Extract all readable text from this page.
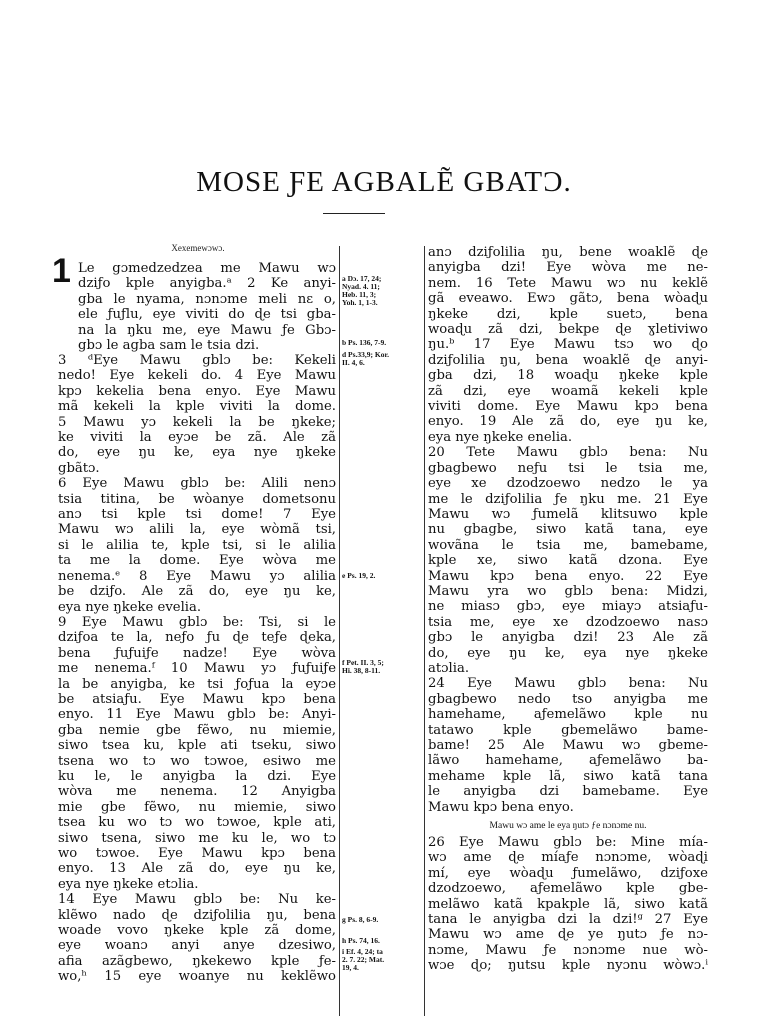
MOSE ƑE AGBALẼ GBATƆ.
Xexemewɔwɔ.
1 Le gɔmedzedzea me Mawu wɔ
dziƒo kple anyigba.ᵃ 2 Ke anyi-
gba le nyama, nɔnɔme meli nɛ o,
ele ƒuƒlu, eye viviti do ɖe tsi gba-
na la ŋku me, eye Mawu ƒe Gbɔ-
gbɔ le agba sam le tsia dzi.
3 ᵈEye Mawu gblɔ be: Kekeli
nedo! Eye kekeli do. 4 Eye Mawu
kpɔ kekelia bena enyo. Eye Mawu
mã kekeli la kple viviti la dome.
5 Mawu yɔ kekeli la be ŋkeke;
ke viviti la eyɔe be zã. Ale zã
do, eye ŋu ke, eya nye ŋkeke
gbãtɔ.
6 Eye Mawu gblɔ be: Alili nenɔ
tsia titina, be wòanye dometsonu
anɔ tsi kple tsi dome! 7 Eye
Mawu wɔ alili la, eye wòmã tsi,
si le alilia te, kple tsi, si le alilia
ta me la dome. Eye wòva me
nenema.ᵉ 8 Eye Mawu yɔ alilia
be dziƒo. Ale zã do, eye ŋu ke,
eya nye ŋkeke evelia.
9 Eye Mawu gblɔ be: Tsi, si le
dziƒoa te la, neƒo ƒu ɖe teƒe ɖeka,
bena ƒuƒuiƒe nadze! Eye wòva
me nenema.ᶠ 10 Mawu yɔ ƒuƒuiƒe
la be anyigba, ke tsi ƒoƒua la eyɔe
be atsiaƒu. Eye Mawu kpɔ bena
enyo. 11 Eye Mawu gblɔ be: Anyi-
gba nemie gbe fẽwo, nu miemie,
siwo tsea ku, kple ati tseku, siwo
tsena wo tɔ wo tɔwoe, esiwo me
ku le, le anyigba la dzi. Eye
wòva me nenema. 12 Anyigba
mie gbe fẽwo, nu miemie, siwo
tsea ku wo tɔ wo tɔwoe, kple ati,
siwo tsena, siwo me ku le, wo tɔ
wo tɔwoe. Eye Mawu kpɔ bena
enyo. 13 Ale zã do, eye ŋu ke,
eya nye ŋkeke etɔlia.
14 Eye Mawu gblɔ be: Nu ke-
klẽwo nado ɖe dziƒolilia ŋu, bena
woade vovo ŋkeke kple zã dome,
eye woanɔ anyi anye dzesiwo,
afia azãgbewo, ŋkekewo kple ƒe-
wo,ʰ 15 eye woanye nu keklẽwo
a Dɔ. 17, 24;
Nyad. 4. 11;
Heb. 11, 3;
Yoh. 1, 1-3.
b Ps. 136, 7-9.
d Ps.33,9; Kor.
II. 4, 6.
e Ps. 19, 2.
f Pet. II. 3, 5;
Hi. 38, 8-11.
g Ps. 8, 6-9.
h Ps. 74, 16.
i Ef. 4, 24; ta
2. 7. 22; Mat.
19, 4.
anɔ dziƒolilia ŋu, bene woaklẽ ɖe
anyigba dzi! Eye wòva me ne-
nem. 16 Tete Mawu wɔ nu keklẽ
gã eveawo. Ewɔ gãtɔ, bena wòaɖu
ŋkeke dzi, kple suetɔ, bena
woaɖu zã dzi, bekpe ɖe ɣletiviwo
ŋu.ᵇ 17 Eye Mawu tsɔ wo ɖo
dziƒolilia ŋu, bena woaklẽ ɖe anyi-
gba dzi, 18 woaɖu ŋkeke kple
zã dzi, eye woamã kekeli kple
viviti dome. Eye Mawu kpɔ bena
enyo. 19 Ale zã do, eye ŋu ke,
eya nye ŋkeke enelia.
20 Tete Mawu gblɔ bena: Nu
gbagbewo neƒu tsi le tsia me,
eye xe dzodzoewo nedzo le ya
me le dziƒolilia ƒe ŋku me. 21 Eye
Mawu wɔ ƒumelã klitsuwo kple
nu gbagbe, siwo katã tana, eye
wovãna le tsia me, bamebame,
kple xe, siwo katã dzona. Eye
Mawu kpɔ bena enyo. 22 Eye
Mawu yra wo gblɔ bena: Midzi,
ne miasɔ gbɔ, eye miayɔ atsiaƒu-
tsia me, eye xe dzodzoewo nasɔ
gbɔ le anyigba dzi! 23 Ale zã
do, eye ŋu ke, eya nye ŋkeke
atɔlia.
24 Eye Mawu gblɔ bena: Nu
gbagbewo nedo tso anyigba me
hamehame, aƒemelãwo kple nu
tatawo kple gbemelãwo bame-
bame! 25 Ale Mawu wɔ gbeme-
lãwo hamehame, aƒemelãwo ba-
mehame kple lã, siwo katã tana
le anyigba dzi bamebame. Eye
Mawu kpɔ bena enyo.
Mawu wɔ ame le eya ŋutɔ ƒe nɔnɔme nu.
26 Eye Mawu gblɔ be: Mine mía-
wɔ ame ɖe míaƒe nɔnɔme, wòaɖi
mí, eye wòaɖu ƒumelãwo, dziƒoxe
dzodzoewo, aƒemelãwo kple gbe-
melãwo katã kpakple lã, siwo katã
tana le anyigba dzi la dzi!ᵍ 27 Eye
Mawu wɔ ame ɖe ye ŋutɔ ƒe nɔ-
nɔme, Mawu ƒe nɔnɔme nue wò-
wɔe ɖo; ŋutsu kple nyɔnu wòwɔ.ⁱ
